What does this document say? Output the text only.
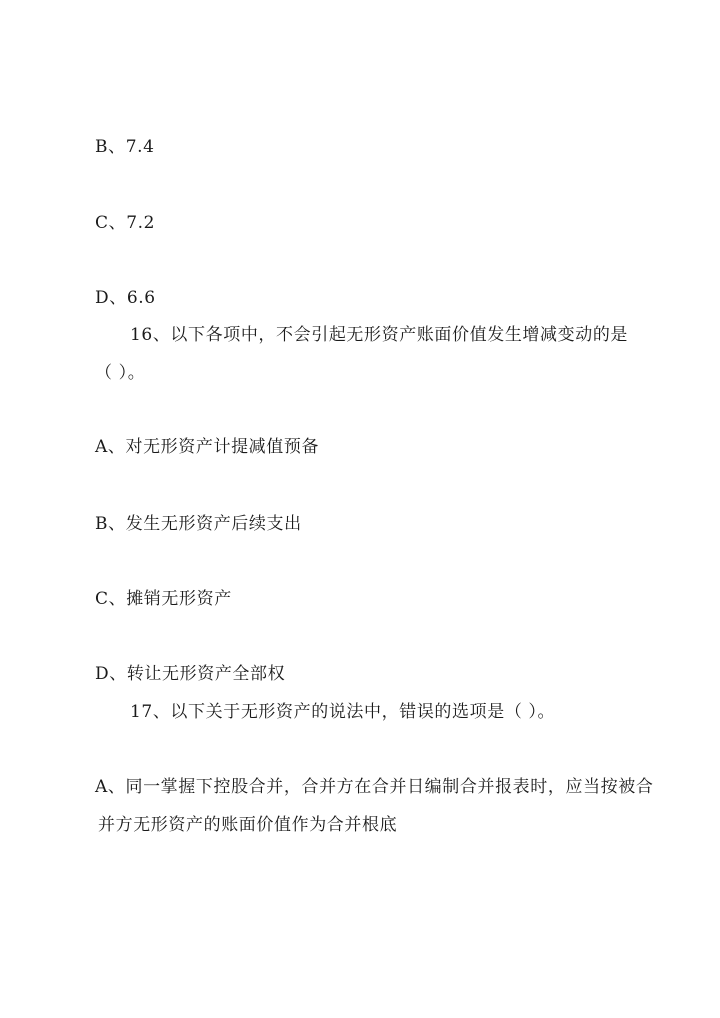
B、7.4
C、7.2
D、6.6
16、以下各项中，不会引起无形资产账面价值发生增减变动的是
（ ）。
A、对无形资产计提减值预备
B、发生无形资产后续支出
C、摊销无形资产
D、转让无形资产全部权
17、以下关于无形资产的说法中，错误的选项是（ ）。
A、同一掌握下控股合并，合并方在合并日编制合并报表时，应当按被合
并方无形资产的账面价值作为合并根底
